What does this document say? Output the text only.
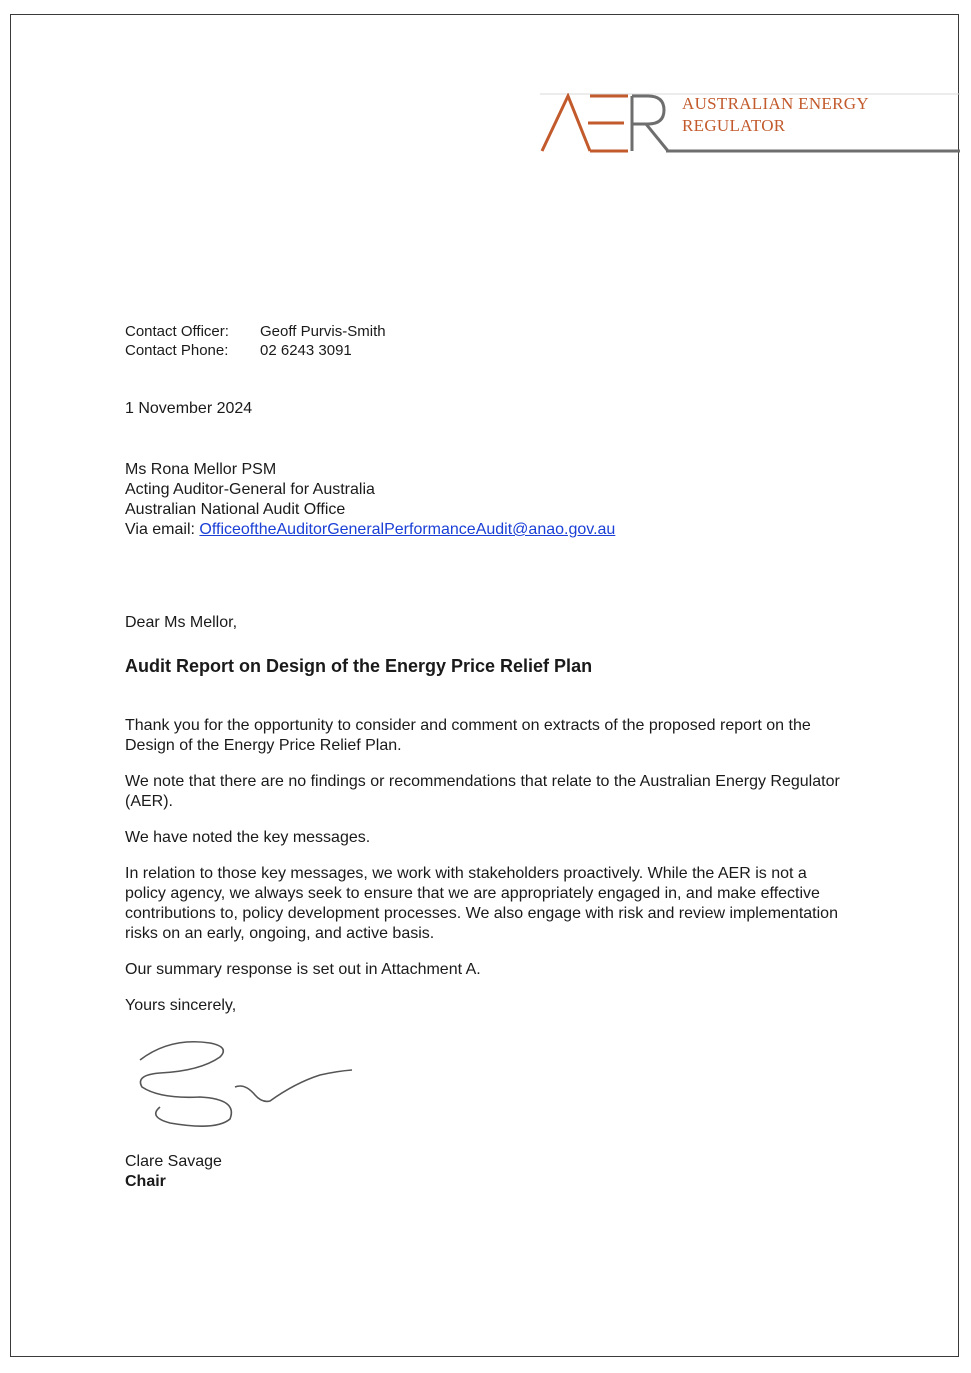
AUSTRALIAN ENERGY
REGULATOR
Contact Officer:	Geoff Purvis-Smith
Contact Phone:	02 6243 3091
1 November 2024
Ms Rona Mellor PSM
Acting Auditor-General for Australia
Australian National Audit Office
Via email: OfficeoftheAuditorGeneralPerformanceAudit@anao.gov.au
Dear Ms Mellor,
Audit Report on Design of the Energy Price Relief Plan

Thank you for the opportunity to consider and comment on extracts of the proposed report on the Design of the Energy Price Relief Plan.

We note that there are no findings or recommendations that relate to the Australian Energy Regulator (AER).

We have noted the key messages.

In relation to those key messages, we work with stakeholders proactively. While the AER is not a policy agency, we always seek to ensure that we are appropriately engaged in, and make effective contributions to, policy development processes. We also engage with risk and review implementation risks on an early, ongoing, and active basis.

Our summary response is set out in Attachment A.

Yours sincerely,

Clare Savage
Chair
